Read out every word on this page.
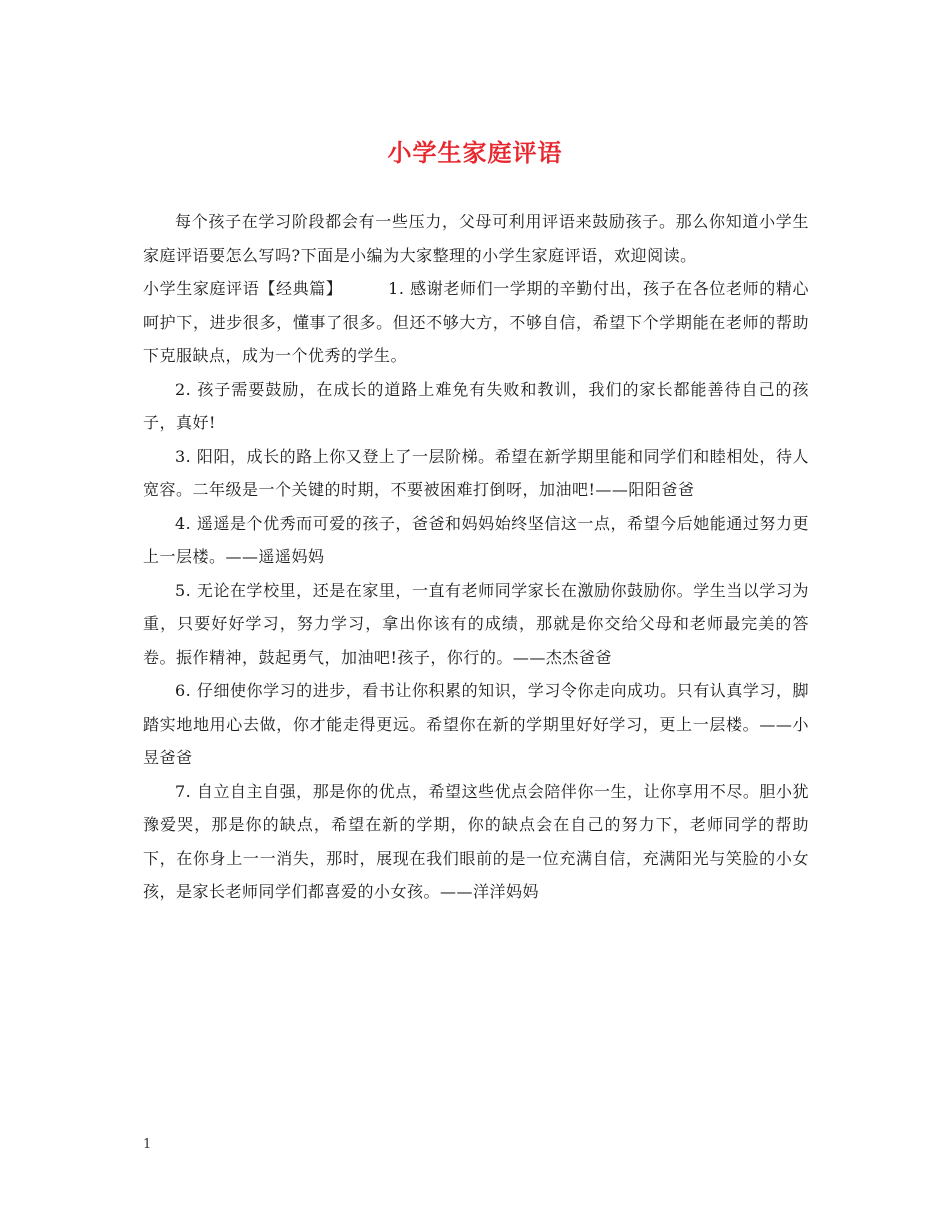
小学生家庭评语

每个孩子在学习阶段都会有一些压力，父母可利用评语来鼓励孩子。那么你知道小学生家庭评语要怎么写吗?下面是小编为大家整理的小学生家庭评语，欢迎阅读。

小学生家庭评语【经典篇】	1. 感谢老师们一学期的辛勤付出，孩子在各位老师的精心呵护下，进步很多，懂事了很多。但还不够大方，不够自信，希望下个学期能在老师的帮助下克服缺点，成为一个优秀的学生。

2. 孩子需要鼓励，在成长的道路上难免有失败和教训，我们的家长都能善待自己的孩子，真好!

3. 阳阳，成长的路上你又登上了一层阶梯。希望在新学期里能和同学们和睦相处，待人宽容。二年级是一个关键的时期，不要被困难打倒呀，加油吧!——阳阳爸爸

4. 遥遥是个优秀而可爱的孩子，爸爸和妈妈始终坚信这一点，希望今后她能通过努力更上一层楼。——遥遥妈妈

5. 无论在学校里，还是在家里，一直有老师同学家长在激励你鼓励你。学生当以学习为重，只要好好学习，努力学习，拿出你该有的成绩，那就是你交给父母和老师最完美的答卷。振作精神，鼓起勇气，加油吧!孩子，你行的。——杰杰爸爸

6. 仔细使你学习的进步，看书让你积累的知识，学习令你走向成功。只有认真学习，脚踏实地地用心去做，你才能走得更远。希望你在新的学期里好好学习，更上一层楼。——小昱爸爸

7. 自立自主自强，那是你的优点，希望这些优点会陪伴你一生，让你享用不尽。胆小犹豫爱哭，那是你的缺点，希望在新的学期，你的缺点会在自己的努力下，老师同学的帮助下，在你身上一一消失，那时，展现在我们眼前的是一位充满自信，充满阳光与笑脸的小女孩，是家长老师同学们都喜爱的小女孩。——洋洋妈妈

1
